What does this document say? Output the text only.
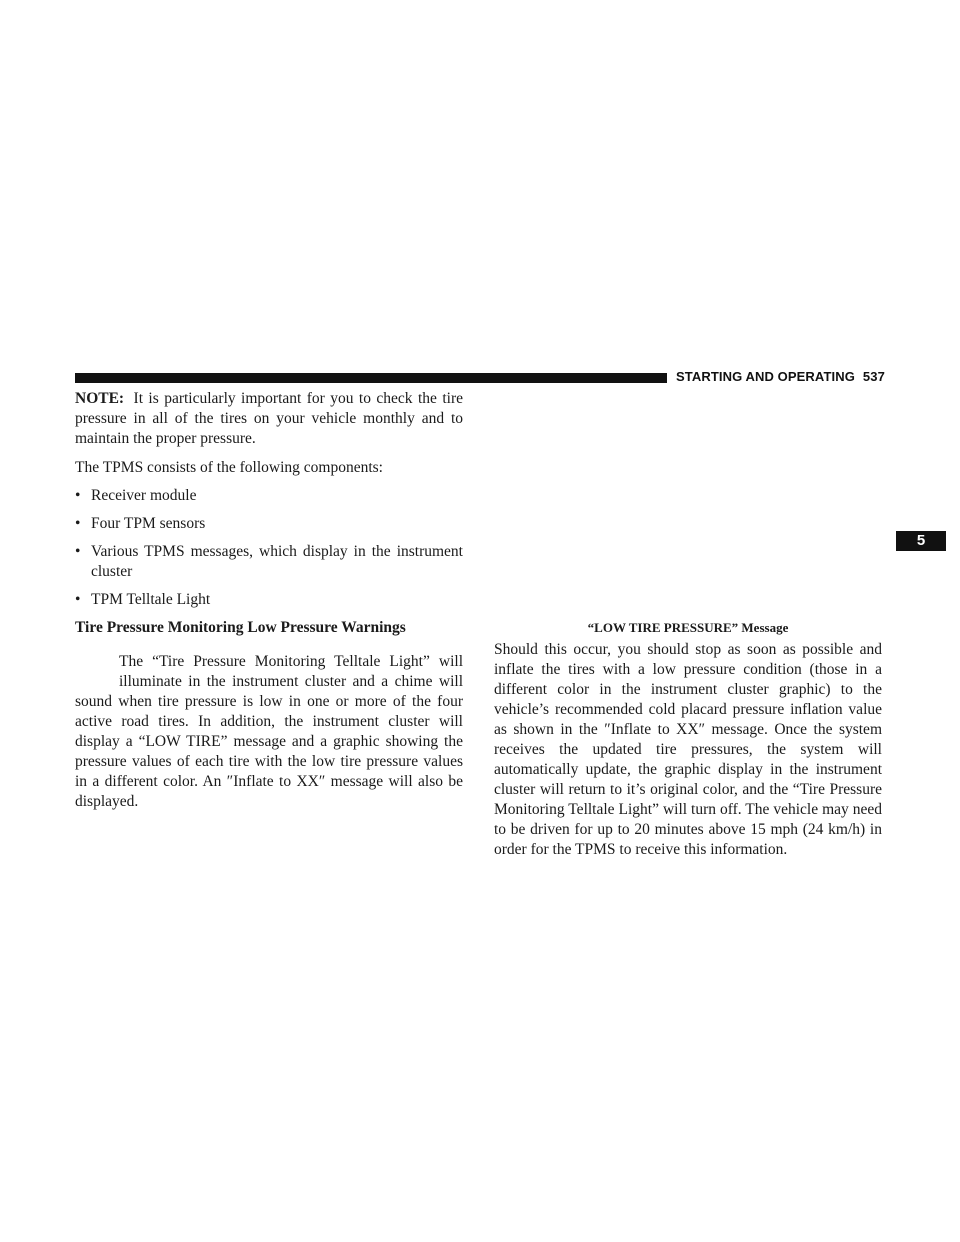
STARTING AND OPERATING 537
5

NOTE: It is particularly important for you to check the tire pressure in all of the tires on your vehicle monthly and to maintain the proper pressure.

The TPMS consists of the following components:

• Receiver module
• Four TPM sensors
• Various TPMS messages, which display in the instrument cluster
• TPM Telltale Light

Tire Pressure Monitoring Low Pressure Warnings

The “Tire Pressure Monitoring Telltale Light” will illuminate in the instrument cluster and a chime will sound when tire pressure is low in one or more of the four active road tires. In addition, the instrument cluster will display a “LOW TIRE” message and a graphic showing the pressure values of each tire with the low tire pressure values in a different color. An ″Inflate to XX″ message will also be displayed.

“LOW TIRE PRESSURE” Message

Should this occur, you should stop as soon as possible and inflate the tires with a low pressure condition (those in a different color in the instrument cluster graphic) to the vehicle’s recommended cold placard pressure inflation value as shown in the ″Inflate to XX″ message. Once the system receives the updated tire pressures, the system will automatically update, the graphic display in the instrument cluster will return to it’s original color, and the “Tire Pressure Monitoring Telltale Light” will turn off. The vehicle may need to be driven for up to 20 minutes above 15 mph (24 km/h) in order for the TPMS to receive this information.
